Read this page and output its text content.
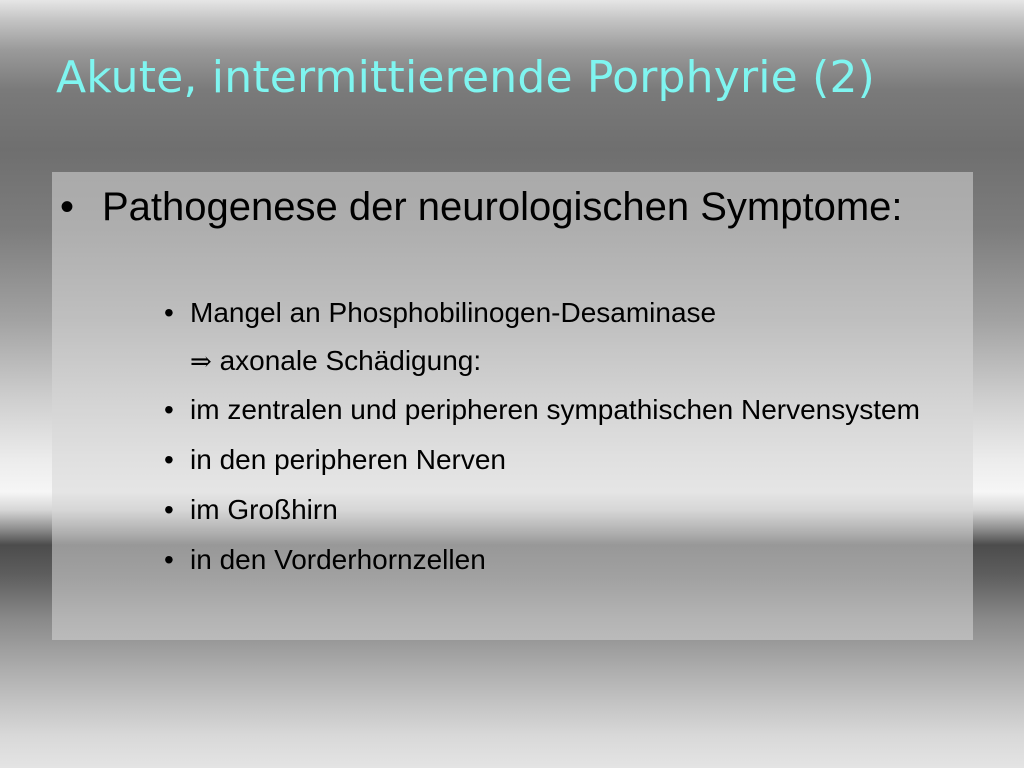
Akute, intermittierende Porphyrie (2)
• Pathogenese der neurologischen Symptome:
• Mangel an Phosphobilinogen-Desaminase
⇒ axonale Schädigung:
• im zentralen und peripheren sympathischen Nervensystem
• in den peripheren Nerven
• im Großhirn
• in den Vorderhornzellen
